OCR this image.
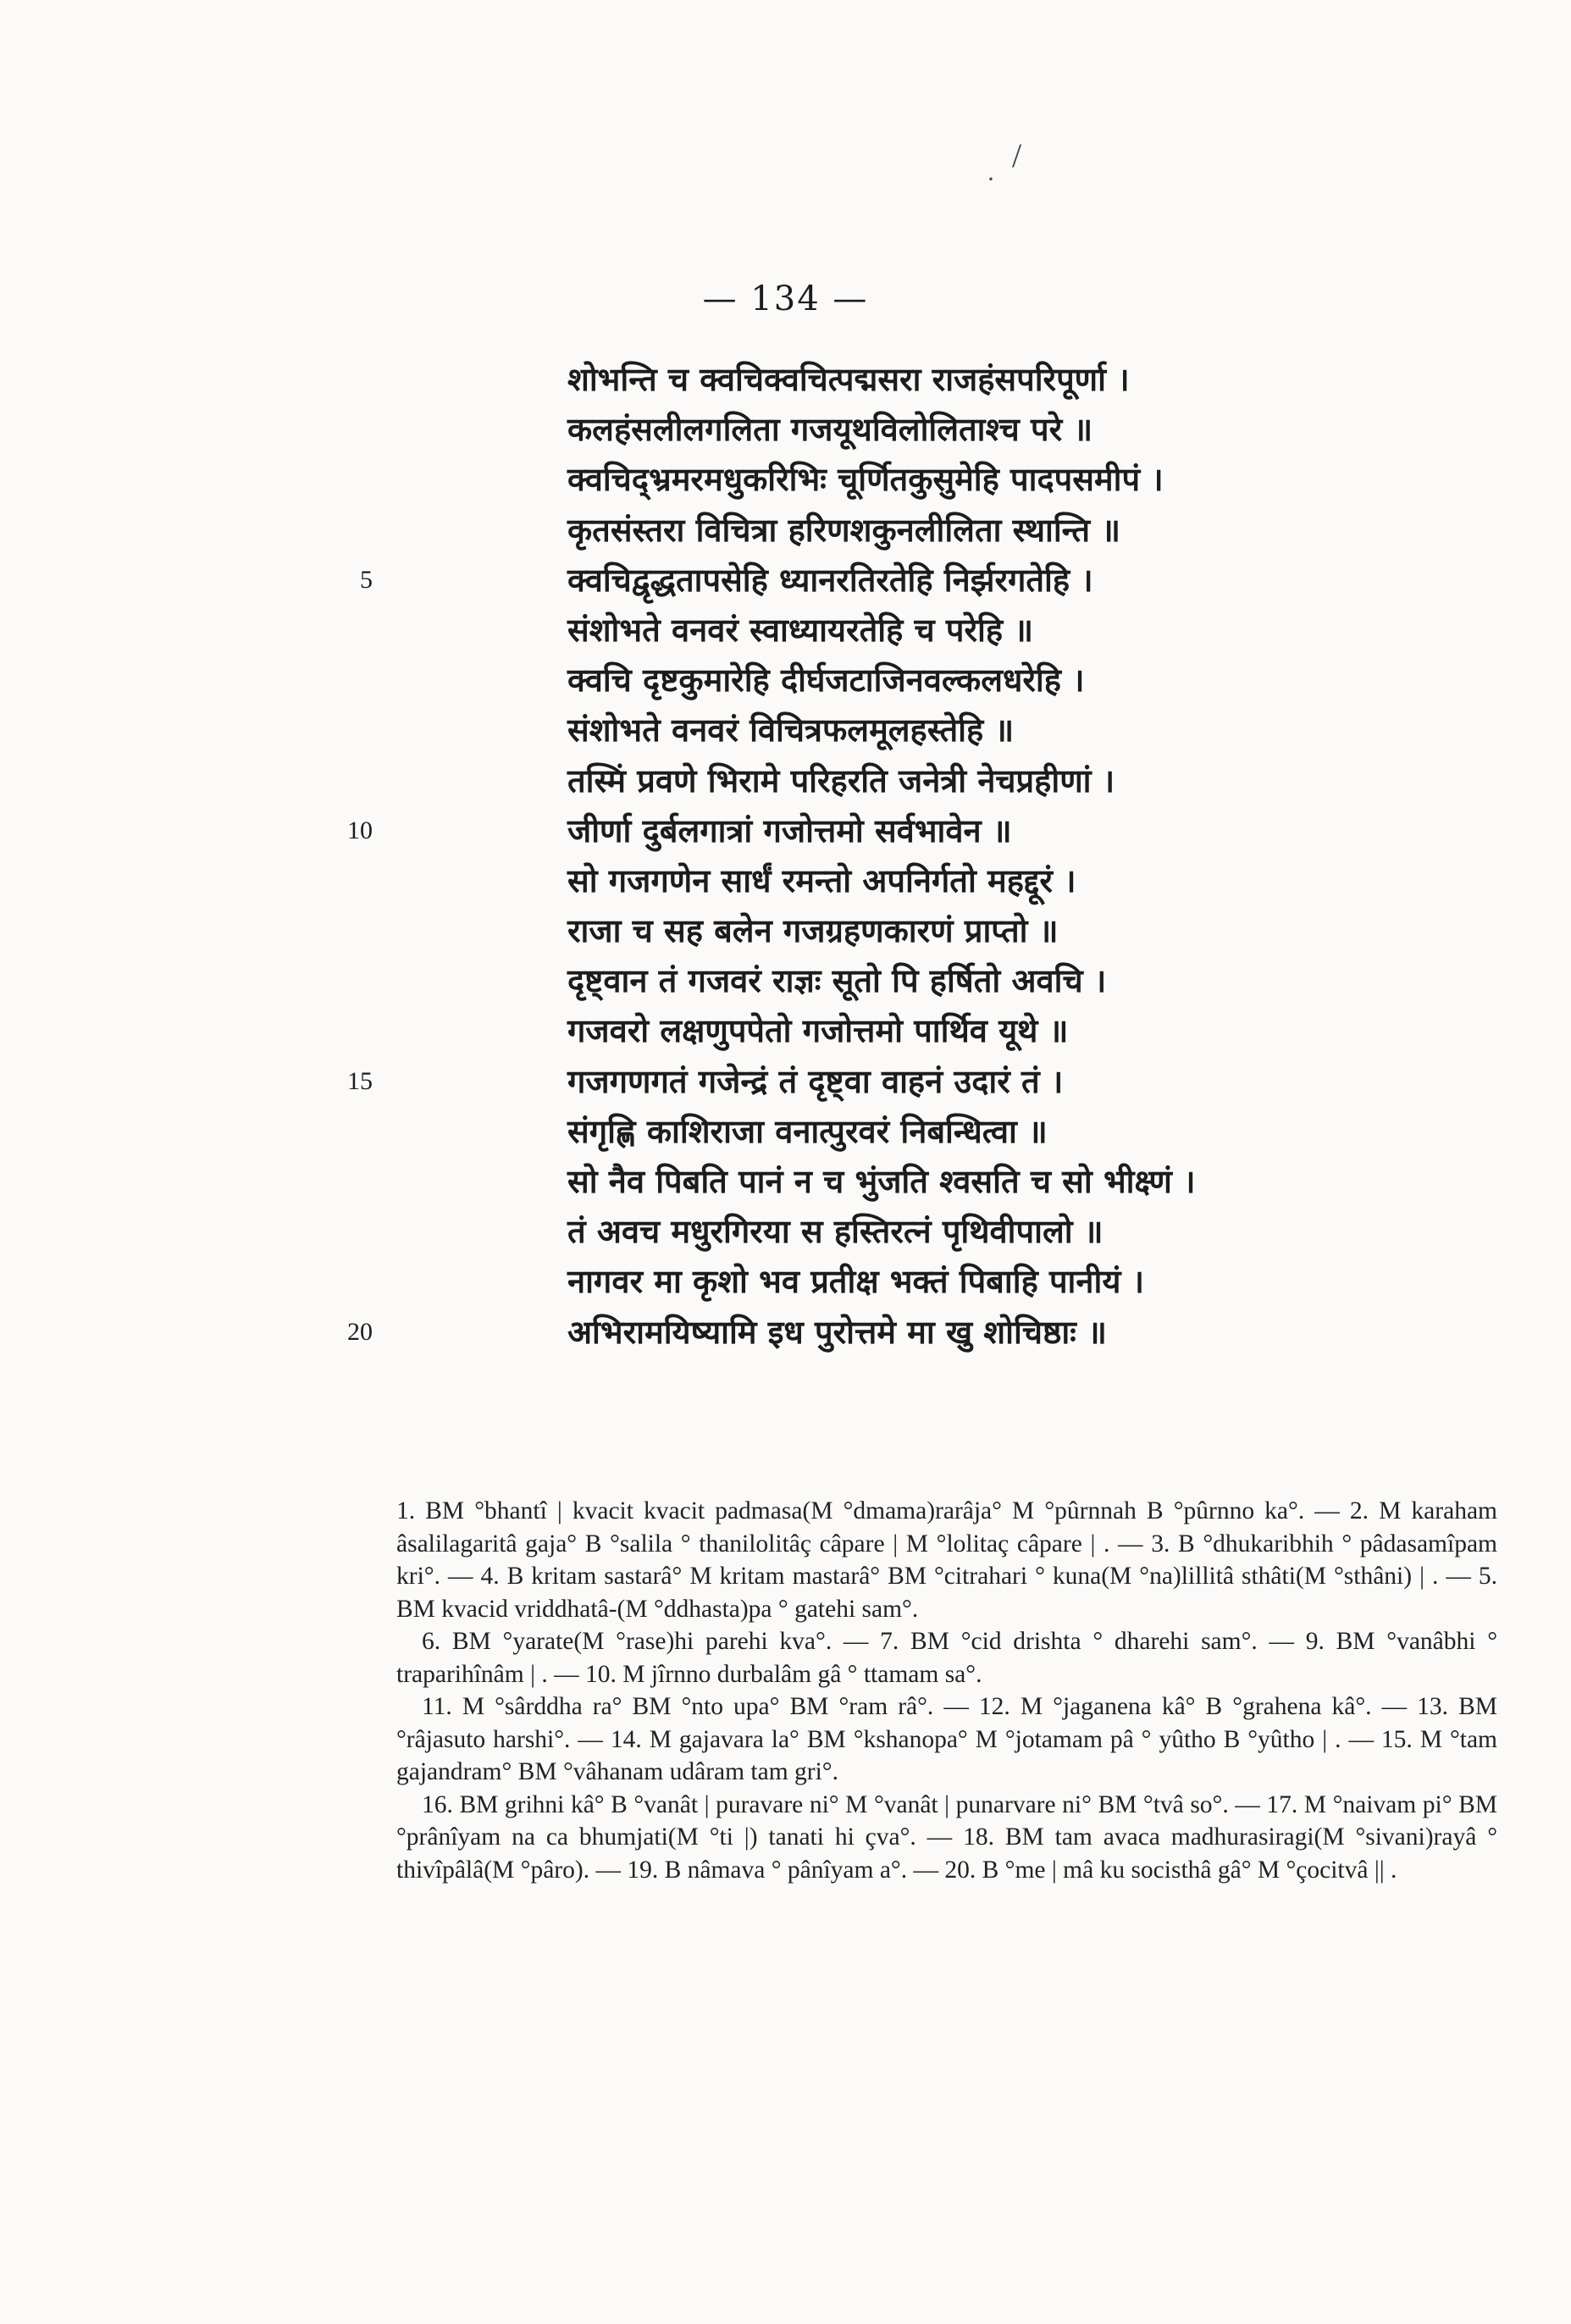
/
·
— 134 —
शोभन्ति च क्वचिक्वचित्पद्मसरा राजहंसपरिपूर्णा ।
कलहंसलीलगलिता गजयूथविलोलिताश्च परे ॥
क्वचिद्भ्रमरमधुकरिभिः चूर्णितकुसुमेहि पादपसमीपं ।
कृतसंस्तरा विचित्रा हरिणशकुनलीलिता स्थान्ति ॥
5	क्वचिद्वृद्धतापसेहि ध्यानरतिरतेहि निर्झरगतेहि ।
संशोभते वनवरं स्वाध्यायरतेहि च परेहि ॥
क्वचि दृष्टकुमारेहि दीर्घजटाजिनवल्कलधरेहि ।
संशोभते वनवरं विचित्रफलमूलहस्तेहि ॥
तस्मिं प्रवणे भिरामे परिहरति जनेत्री नेचप्रहीणां ।
10	जीर्णा दुर्बलगात्रां गजोत्तमो सर्वभावेन ॥
सो गजगणेन सार्धं रमन्तो अपनिर्गतो महद्दूरं ।
राजा च सह बलेन गजग्रहणकारणं प्राप्तो ॥
दृष्ट्वान तं गजवरं राज्ञः सूतो पि हर्षितो अवचि ।
गजवरो लक्षणुपपेतो गजोत्तमो पार्थिव यूथे ॥
15	गजगणगतं गजेन्द्रं तं दृष्ट्वा वाहनं उदारं तं ।
संगृह्णि काशिराजा वनात्पुरवरं निबन्धित्वा ॥
सो नैव पिबति पानं न च भुंजति श्वसति च सो भीक्ष्णं ।
तं अवच मधुरगिरया स हस्तिरत्नं पृथिवीपालो ॥
नागवर मा कृशो भव प्रतीक्ष भक्तं पिबाहि पानीयं ।
20	अभिरामयिष्यामि इध पुरोत्तमे मा खु शोचिष्ठाः ॥

1. BM °bhantî | kvacit kvacit padmasa(M °dmama)rarâja° M °pûrnnah B °pûrnno ka°. — 2. M karaham âsalilagaritâ gaja° B °salila ° thanilolitâç câpare | M °lolitaç câpare | . — 3. B °dhukaribhih ° pâdasamîpam kri°. — 4. B kritam sastarâ° M kritam mastarâ° BM °citrahari ° kuna(M °na)lillitâ sthâti(M °sthâni) | . — 5. BM kvacid vriddhatâ-(M °ddhasta)pa ° gatehi sam°.

6. BM °yarate(M °rase)hi parehi kva°. — 7. BM °cid drishta ° dharehi sam°. — 9. BM °vanâbhi ° traparihînâm | . — 10. M jîrnno durbalâm gâ ° ttamam sa°.

11. M °sârddha ra° BM °nto upa° BM °ram râ°. — 12. M °jaganena kâ° B °grahena kâ°. — 13. BM °râjasuto harshi°. — 14. M gajavara la° BM °kshanopa° M °jotamam pâ ° yûtho B °yûtho | . — 15. M °tam gajandram° BM °vâhanam udâram tam gri°.

16. BM grihni kâ° B °vanât | puravare ni° M °vanât | punarvare ni° BM °tvâ so°. — 17. M °naivam pi° BM °prânîyam na ca bhumjati(M °ti |) tanati hi çva°. — 18. BM tam avaca madhurasiragi(M °sivani)rayâ ° thivîpâlâ(M °pâro). — 19. B nâmava ° pânîyam a°. — 20. B °me | mâ ku socisthâ gâ° M °çocitvâ || .
